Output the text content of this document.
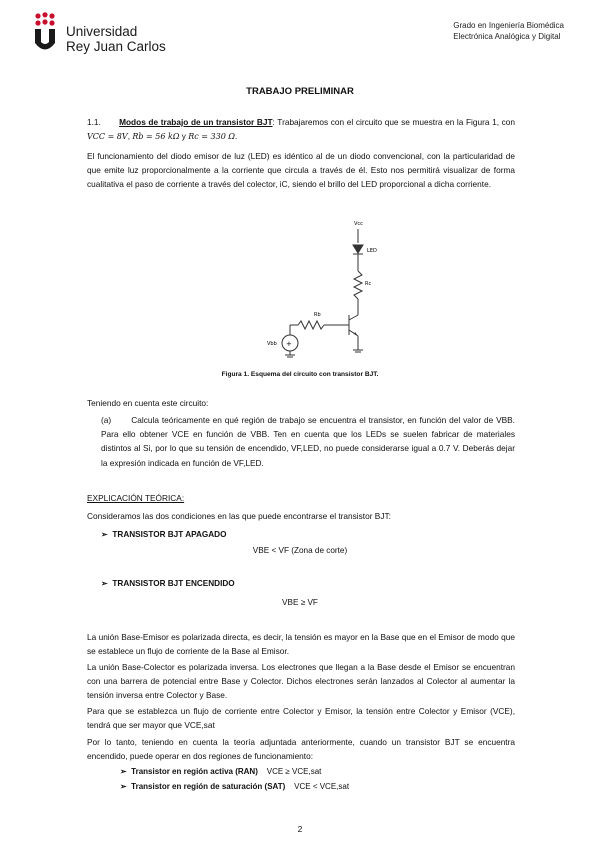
Universidad
Rey Juan Carlos
Grado en Ingeniería Biomédica
Electrónica Analógica y Digital
TRABAJO PRELIMINAR
1.1. Modos de trabajo de un transistor BJT: Trabajaremos con el circuito que se muestra en la Figura 1, con VCC = 8V, Rb = 56 kΩ y Rc = 330 Ω.
El funcionamiento del diodo emisor de luz (LED) es idéntico al de un diodo convencional, con la particularidad de que emite luz proporcionalmente a la corriente que circula a través de él. Esto nos permitirá visualizar de forma cualitativa el paso de corriente a través del colector, iC, siendo el brillo del LED proporcional a dicha corriente.
+
Vcc
LED
Rc
Rb
Vbb
Figura 1. Esquema del circuito con transistor BJT.
Teniendo en cuenta este circuito:
(a) Calcula teóricamente en qué región de trabajo se encuentra el transistor, en función del valor de VBB. Para ello obtener VCE en función de VBB. Ten en cuenta que los LEDs se suelen fabricar de materiales distintos al Si, por lo que su tensión de encendido, VF,LED, no puede considerarse igual a 0.7 V. Deberás dejar la expresión indicada en función de VF,LED.
EXPLICACIÓN TEÓRICA:
Consideramos las dos condiciones en las que puede encontrarse el transistor BJT:
➢  TRANSISTOR BJT APAGADO
VBE < VF (Zona de corte)
➢  TRANSISTOR BJT ENCENDIDO
VBE ≥ VF
La unión Base-Emisor es polarizada directa, es decir, la tensión es mayor en la Base que en el Emisor de modo que se establece un flujo de corriente de la Base al Emisor.
La unión Base-Colector es polarizada inversa. Los electrones que llegan a la Base desde el Emisor se encuentran con una barrera de potencial entre Base y Colector. Dichos electrones serán lanzados al Colector al aumentar la tensión inversa entre Colector y Base.
Para que se establezca un flujo de corriente entre Colector y Emisor, la tensión entre Colector y Emisor (VCE), tendrá que ser mayor que VCE,sat
Por lo tanto, teniendo en cuenta la teoría adjuntada anteriormente, cuando un transistor BJT se encuentra encendido, puede operar en dos regiones de funcionamiento:
➢  Transistor en región activa (RAN) VCE ≥ VCE,sat
➢  Transistor en región de saturación (SAT) VCE < VCE,sat
2
